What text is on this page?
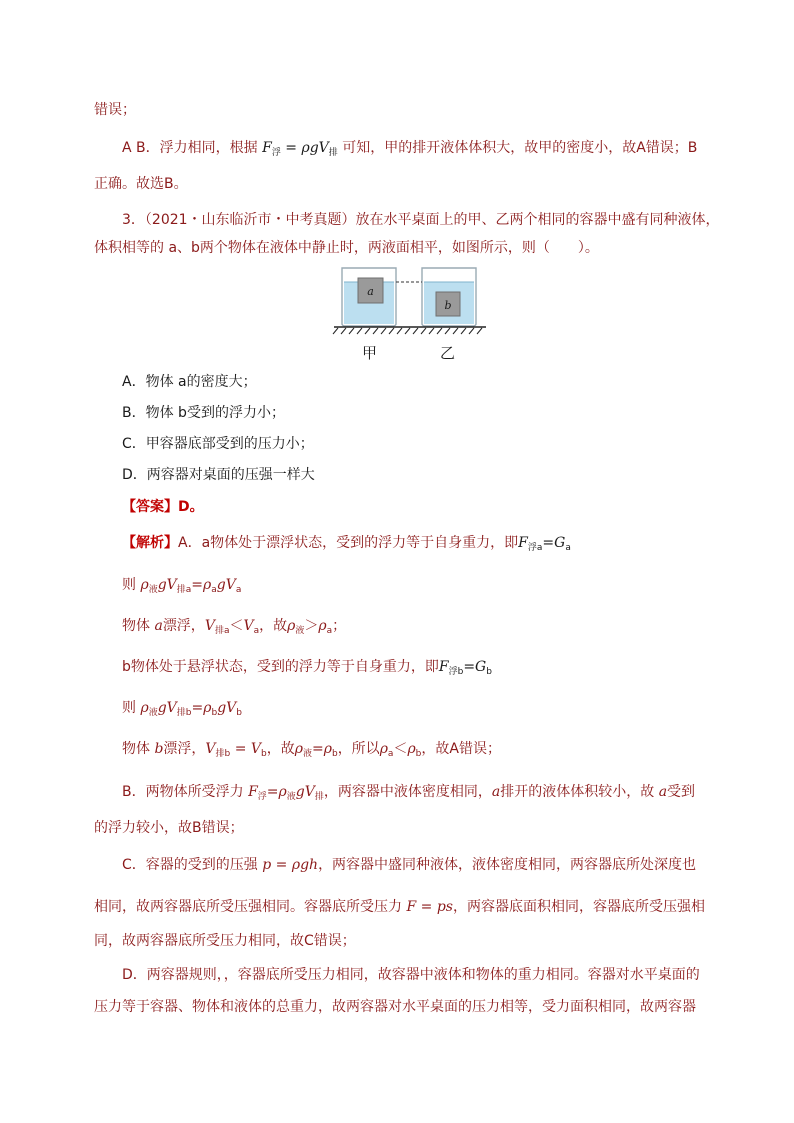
错误；
A B．浮力相同，根据 $F_浮 = \rho gV_排$ 可知，甲的排开液体体积大，故甲的密度小，故A错误；B
正确。故选B。
3．（2021・山东临沂市・中考真题）放在水平桌面上的甲、乙两个相同的容器中盛有同种液体，
体积相等的 a、b两个物体在液体中静止时，两液面相平，如图所示，则（　　）。
a
b
甲	乙
A．物体 a的密度大；
B．物体 b受到的浮力小；
C．甲容器底部受到的压力小；
D．两容器对桌面的压强一样大
【答案】D。
【解析】A．a物体处于漂浮状态，受到的浮力等于自身重力，即$F_{浮a}=G_a$
则 $\rho_液gV_{排a}=\rho_agV_a$
物体 a漂浮，$V_{排a}<V_a$，故$\rho_液>\rho_a$；
b物体处于悬浮状态，受到的浮力等于自身重力，即$F_{浮b}=G_b$
则 $\rho_液gV_{排b}=\rho_bgV_b$
物体 b漂浮，$V_{排b} = V_b$，故$\rho_液=\rho_b$，所以$\rho_a<\rho_b$，故A错误；
B．两物体所受浮力 $F_浮=\rho_液gV_排$，两容器中液体密度相同，a排开的液体体积较小，故 a受到
的浮力较小，故B错误；
C．容器的受到的压强 p = ρgh，两容器中盛同种液体，液体密度相同，两容器底所处深度也
相同，故两容器底所受压强相同。容器底所受压力 F = ps，两容器底面积相同，容器底所受压强相
同，故两容器底所受压力相同，故C错误；
D．两容器规则，，容器底所受压力相同，故容器中液体和物体的重力相同。容器对水平桌面的
压力等于容器、物体和液体的总重力，故两容器对水平桌面的压力相等，受力面积相同，故两容器
